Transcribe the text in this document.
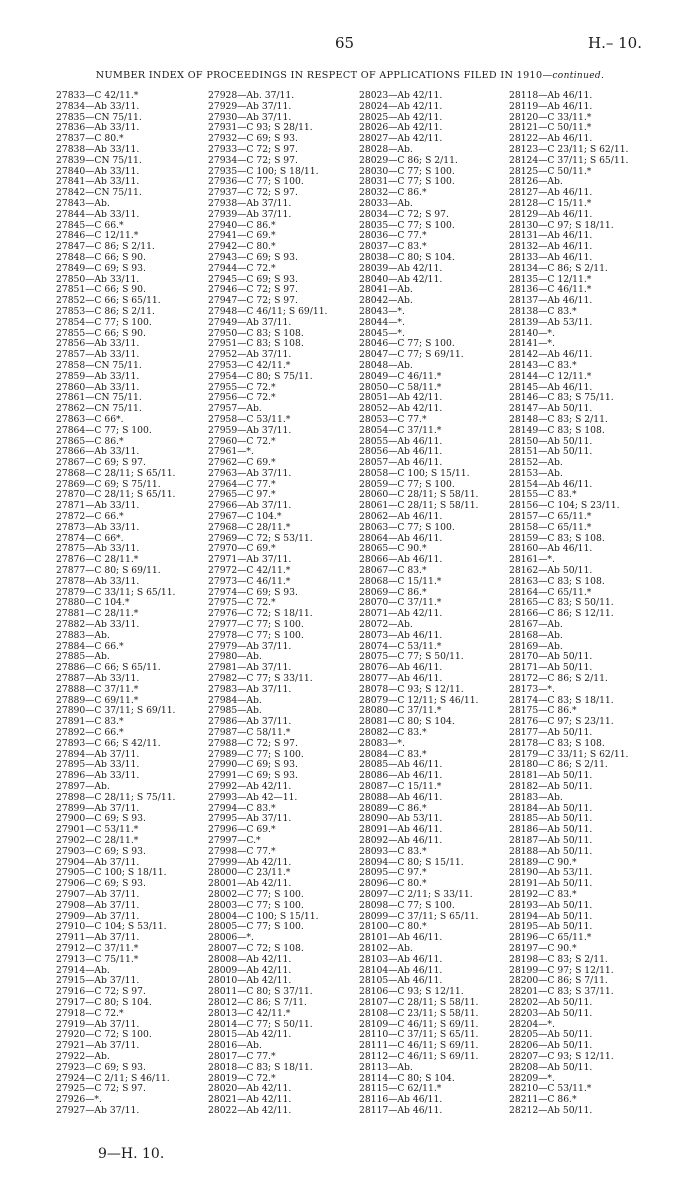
65	H.– 10.
NUMBER INDEX OF PROCEEDINGS IN RESPECT OF APPLICATIONS FILED IN 1910—continued.
27833—C 42/11.*
27834—Ab 33/11.
27835—CN 75/11.
27836—Ab 33/11.
27837—C 80.*
27838—Ab 33/11.
27839—CN 75/11.
27840—Ab 33/11.
27841—Ab 33/11.
27842—CN 75/11.
27843—Ab.
27844—Ab 33/11.
27845—C 66.*
27846—C 12/11.*
27847—C 86; S 2/11.
27848—C 66; S 90.
27849—C 69; S 93.
27850—Ab 33/11.
27851—C 66; S 90.
27852—C 66; S 65/11.
27853—C 86; S 2/11.
27854—C 77; S 100.
27855—C 66; S 90.
27856—Ab 33/11.
27857—Ab 33/11.
27858—CN 75/11.
27859—Ab 33/11.
27860—Ab 33/11.
27861—CN 75/11.
27862—CN 75/11.
27863—C 66*.
27864—C 77; S 100.
27865—C 86.*
27866—Ab 33/11.
27867—C 69; S 97.
27868—C 28/11; S 65/11.
27869—C 69; S 75/11.
27870—C 28/11; S 65/11.
27871—Ab 33/11.
27872—C 66.*
27873—Ab 33/11.
27874—C 66*.
27875—Ab 33/11.
27876—C 28/11.*
27877—C 80; S 69/11.
27878—Ab 33/11.
27879—C 33/11; S 65/11.
27880—C 104.*
27881—C 28/11.*
27882—Ab 33/11.
27883—Ab.
27884—C 66.*
27885—Ab.
27886—C 66; S 65/11.
27887—Ab 33/11.
27888—C 37/11.*
27889—C 69/11.*
27890—C 37/11; S 69/11.
27891—C 83.*
27892—C 66.*
27893—C 66; S 42/11.
27894—Ab 37/11.
27895—Ab 33/11.
27896—Ab 33/11.
27897—Ab.
27898—C 28/11; S 75/11.
27899—Ab 37/11.
27900—C 69; S 93.
27901—C 53/11.*
27902—C 28/11.*
27903—C 69; S 93.
27904—Ab 37/11.
27905—C 100; S 18/11.
27906—C 69; S 93.
27907—Ab 37/11.
27908—Ab 37/11.
27909—Ab 37/11.
27910—C 104; S 53/11.
27911—Ab 37/11.
27912—C 37/11.*
27913—C 75/11.*
27914—Ab.
27915—Ab 37/11.
27916—C 72; S 97.
27917—C 80; S 104.
27918—C 72.*
27919—Ab 37/11.
27920—C 72; S 100.
27921—Ab 37/11.
27922—Ab.
27923—C 69; S 93.
27924—C 2/11; S 46/11.
27925—C 72; S 97.
27926—*.
27927—Ab 37/11.
27928—Ab. 37/11.
27929—Ab 37/11.
27930—Ab 37/11.
27931—C 93; S 28/11.
27932—C 69; S 93.
27933—C 72; S 97.
27934—C 72; S 97.
27935—C 100; S 18/11.
27936—C 77; S 100.
27937—C 72; S 97.
27938—Ab 37/11.
27939—Ab 37/11.
27940—C 86.*
27941—C 69.*
27942—C 80.*
27943—C 69; S 93.
27944—C 72.*
27945—C 69; S 93.
27946—C 72; S 97.
27947—C 72; S 97.
27948—C 46/11; S 69/11.
27949—Ab 37/11.
27950—C 83; S 108.
27951—C 83; S 108.
27952—Ab 37/11.
27953—C 42/11.*
27954—C 80; S 75/11.
27955—C 72.*
27956—C 72.*
27957—Ab.
27958—C 53/11.*
27959—Ab 37/11.
27960—C 72.*
27961—*.
27962—C 69.*
27963—Ab 37/11.
27964—C 77.*
27965—C 97.*
27966—Ab 37/11.
27967—C 104.*
27968—C 28/11.*
27969—C 72; S 53/11.
27970—C 69.*
27971—Ab 37/11.
27972—C 42/11.*
27973—C 46/11.*
27974—C 69; S 93.
27975—C 72.*
27976—C 72; S 18/11.
27977—C 77; S 100.
27978—C 77; S 100.
27979—Ab 37/11.
27980—Ab.
27981—Ab 37/11.
27982—C 77; S 33/11.
27983—Ab 37/11.
27984—Ab.
27985—Ab.
27986—Ab 37/11.
27987—C 58/11.*
27988—C 72; S 97.
27989—C 77; S 100.
27990—C 69; S 93.
27991—C 69; S 93.
27992—Ab 42/11.
27993—Ab 42—11.
27994—C 83.*
27995—Ab 37/11.
27996—C 69.*
27997—C.*
27998—C 77.*
27999—Ab 42/11.
28000—C 23/11.*
28001—Ab 42/11.
28002—C 77; S 100.
28003—C 77; S 100.
28004—C 100; S 15/11.
28005—C 77; S 100.
28006—*.
28007—C 72; S 108.
28008—Ab 42/11.
28009—Ab 42/11.
28010—Ab 42/11.
28011—C 80; S 37/11.
28012—C 86; S 7/11.
28013—C 42/11.*
28014—C 77; S 50/11.
28015—Ab 42/11.
28016—Ab.
28017—C 77.*
28018—C 83; S 18/11.
28019—C 72.*
28020—Ab 42/11.
28021—Ab 42/11.
28022—Ab 42/11.
28023—Ab 42/11.
28024—Ab 42/11.
28025—Ab 42/11.
28026—Ab 42/11.
28027—Ab 42/11.
28028—Ab.
28029—C 86; S 2/11.
28030—C 77; S 100.
28031—C 77; S 100.
28032—C 86.*
28033—Ab.
28034—C 72; S 97.
28035—C 77; S 100.
28036—C 77.*
28037—C 83.*
28038—C 80; S 104.
28039—Ab 42/11.
28040—Ab 42/11.
28041—Ab.
28042—Ab.
28043—*.
28044—*.
28045—*.
28046—C 77; S 100.
28047—C 77; S 69/11.
28048—Ab.
28049—C 46/11.*
28050—C 58/11.*
28051—Ab 42/11.
28052—Ab 42/11.
28053—C 77.*
28054—C 37/11.*
28055—Ab 46/11.
28056—Ab 46/11.
28057—Ab 46/11.
28058—C 100; S 15/11.
28059—C 77; S 100.
28060—C 28/11; S 58/11.
28061—C 28/11; S 58/11.
28062—Ab 46/11.
28063—C 77; S 100.
28064—Ab 46/11.
28065—C 90.*
28066—Ab 46/11.
28067—C 83.*
28068—C 15/11.*
28069—C 86.*
28070—C 37/11.*
28071—Ab 42/11.
28072—Ab.
28073—Ab 46/11.
28074—C 53/11.*
28075—C 77; S 50/11.
28076—Ab 46/11.
28077—Ab 46/11.
28078—C 93; S 12/11.
28079—C 12/11; S 46/11.
28080—C 37/11.*
28081—C 80; S 104.
28082—C 83.*
28083—*.
28084—C 83.*
28085—Ab 46/11.
28086—Ab 46/11.
28087—C 15/11.*
28088—Ab 46/11.
28089—C 86.*
28090—Ab 53/11.
28091—Ab 46/11.
28092—Ab 46/11.
28093—C 83.*
28094—C 80; S 15/11.
28095—C 97.*
28096—C 80.*
28097—C 2/11; S 33/11.
28098—C 77; S 100.
28099—C 37/11; S 65/11.
28100—C 80.*
28101—Ab 46/11.
28102—Ab.
28103—Ab 46/11.
28104—Ab 46/11.
28105—Ab 46/11.
28106—C 93; S 12/11.
28107—C 28/11; S 58/11.
28108—C 23/11; S 58/11.
28109—C 46/11; S 69/11.
28110—C 37/11; S 65/11.
28111—C 46/11; S 69/11.
28112—C 46/11; S 69/11.
28113—Ab.
28114—C 80; S 104.
28115—C 62/11.*
28116—Ab 46/11.
28117—Ab 46/11.
28118—Ab 46/11.
28119—Ab 46/11.
28120—C 33/11.*
28121—C 50/11.*
28122—Ab 46/11.
28123—C 23/11; S 62/11.
28124—C 37/11; S 65/11.
28125—C 50/11.*
28126—Ab.
28127—Ab 46/11.
28128—C 15/11.*
28129—Ab 46/11.
28130—C 97; S 18/11.
28131—Ab 46/11.
28132—Ab 46/11.
28133—Ab 46/11.
28134—C 86; S 2/11.
28135—C 12/11.*
28136—C 46/11.*
28137—Ab 46/11.
28138—C 83.*
28139—Ab 53/11.
28140—*.
28141—*.
28142—Ab 46/11.
28143—C 83.*
28144—C 12/11.*
28145—Ab 46/11.
28146—C 83; S 75/11.
28147—Ab 50/11.
28148—C 83; S 2/11.
28149—C 83; S 108.
28150—Ab 50/11.
28151—Ab 50/11.
28152—Ab.
28153—Ab.
28154—Ab 46/11.
28155—C 83.*
28156—C 104; S 23/11.
28157—C 65/11.*
28158—C 65/11.*
28159—C 83; S 108.
28160—Ab 46/11.
28161—*.
28162—Ab 50/11.
28163—C 83; S 108.
28164—C 65/11.*
28165—C 83; S 50/11.
28166—C 86; S 12/11.
28167—Ab.
28168—Ab.
28169—Ab.
28170—Ab 50/11.
28171—Ab 50/11.
28172—C 86; S 2/11.
28173—*.
28174—C 83; S 18/11.
28175—C 86.*
28176—C 97; S 23/11.
28177—Ab 50/11.
28178—C 83; S 108.
28179—C 33/11; S 62/11.
28180—C 86; S 2/11.
28181—Ab 50/11.
28182—Ab 50/11.
28183—Ab.
28184—Ab 50/11.
28185—Ab 50/11.
28186—Ab 50/11.
28187—Ab 50/11.
28188—Ab 50/11.
28189—C 90.*
28190—Ab 53/11.
28191—Ab 50/11.
28192—C 83.*
28193—Ab 50/11.
28194—Ab 50/11.
28195—Ab 50/11.
28196—C 65/11.*
28197—C 90.*
28198—C 83; S 2/11.
28199—C 97; S 12/11.
28200—C 86; S 7/11.
28201—C 83; S 37/11.
28202—Ab 50/11.
28203—Ab 50/11.
28204—*.
28205—Ab 50/11.
28206—Ab 50/11.
28207—C 93; S 12/11.
28208—Ab 50/11.
28209—*.
28210—C 53/11.*
28211—C 86.*
28212—Ab 50/11.
9—H. 10.
